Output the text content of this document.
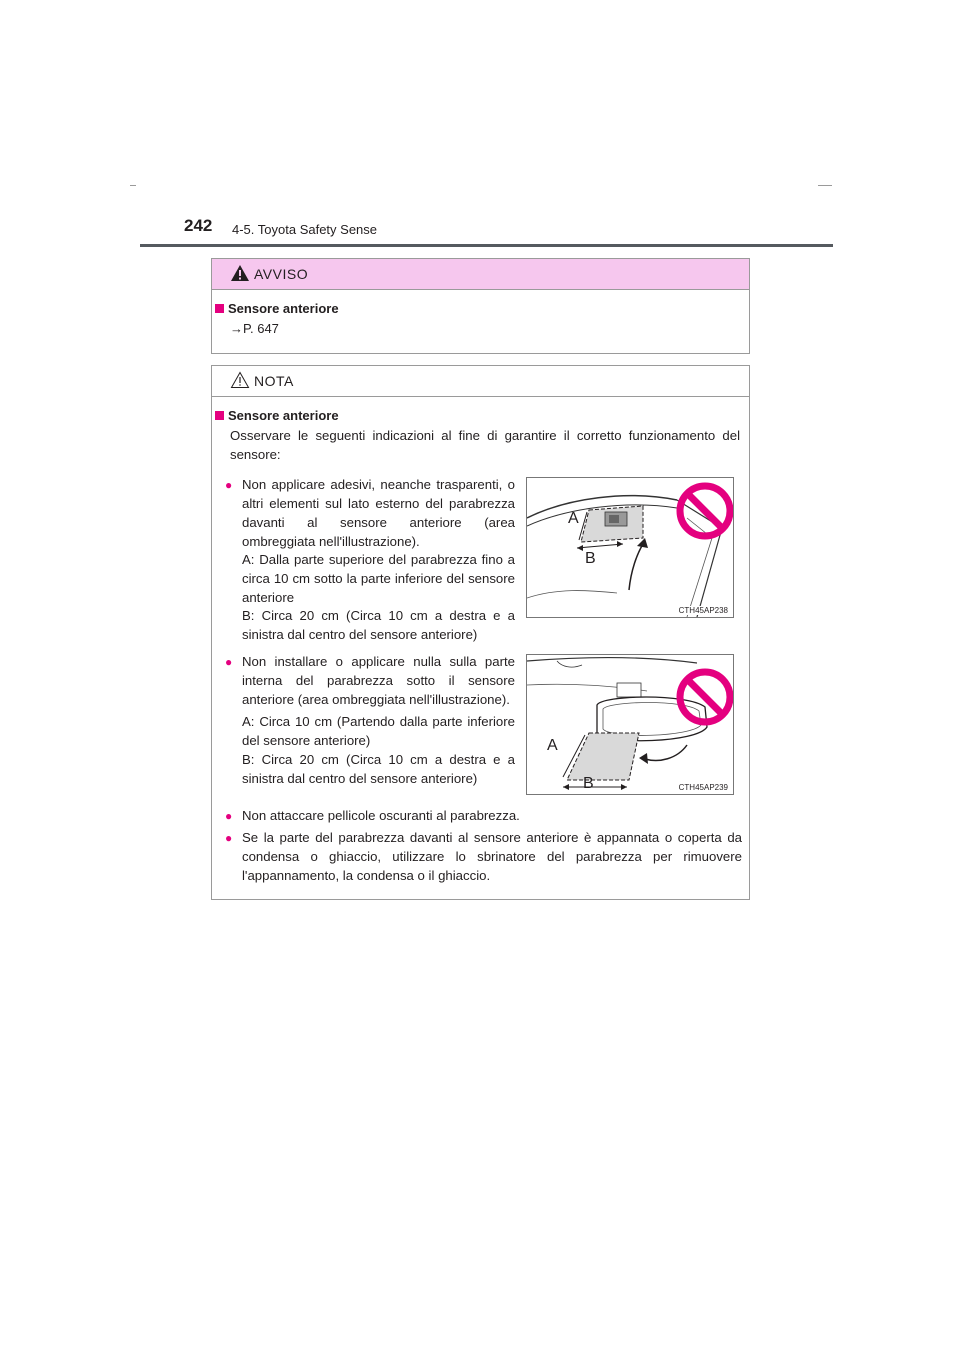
242 4-5. Toyota Safety Sense
AVVISO
Sensore anteriore
→P. 647
NOTA
Sensore anteriore
Osservare le seguenti indicazioni al fine di garantire il corretto funzionamento del sensore:
● Non applicare adesivi, neanche trasparenti, o altri elementi sul lato esterno del parabrezza davanti al sensore anteriore (area ombreggiata nell'illustrazione).
A: Dalla parte superiore del parabrezza fino a circa 10 cm sotto la parte inferiore del sensore anteriore
B: Circa 20 cm (Circa 10 cm a destra e a sinistra dal centro del sensore anteriore)
A
B
CTH45AP238
● Non installare o applicare nulla sulla parte interna del parabrezza sotto il sensore anteriore (area ombreggiata nell'illustrazione).
A: Circa 10 cm (Partendo dalla parte inferiore del sensore anteriore)
B: Circa 20 cm (Circa 10 cm a destra e a sinistra dal centro del sensore anteriore)
A
B	CTH45AP239
● Non attaccare pellicole oscuranti al parabrezza.
● Se la parte del parabrezza davanti al sensore anteriore è appannata o coperta da condensa o ghiaccio, utilizzare lo sbrinatore del parabrezza per rimuovere l'appannamento, la condensa o il ghiaccio.
